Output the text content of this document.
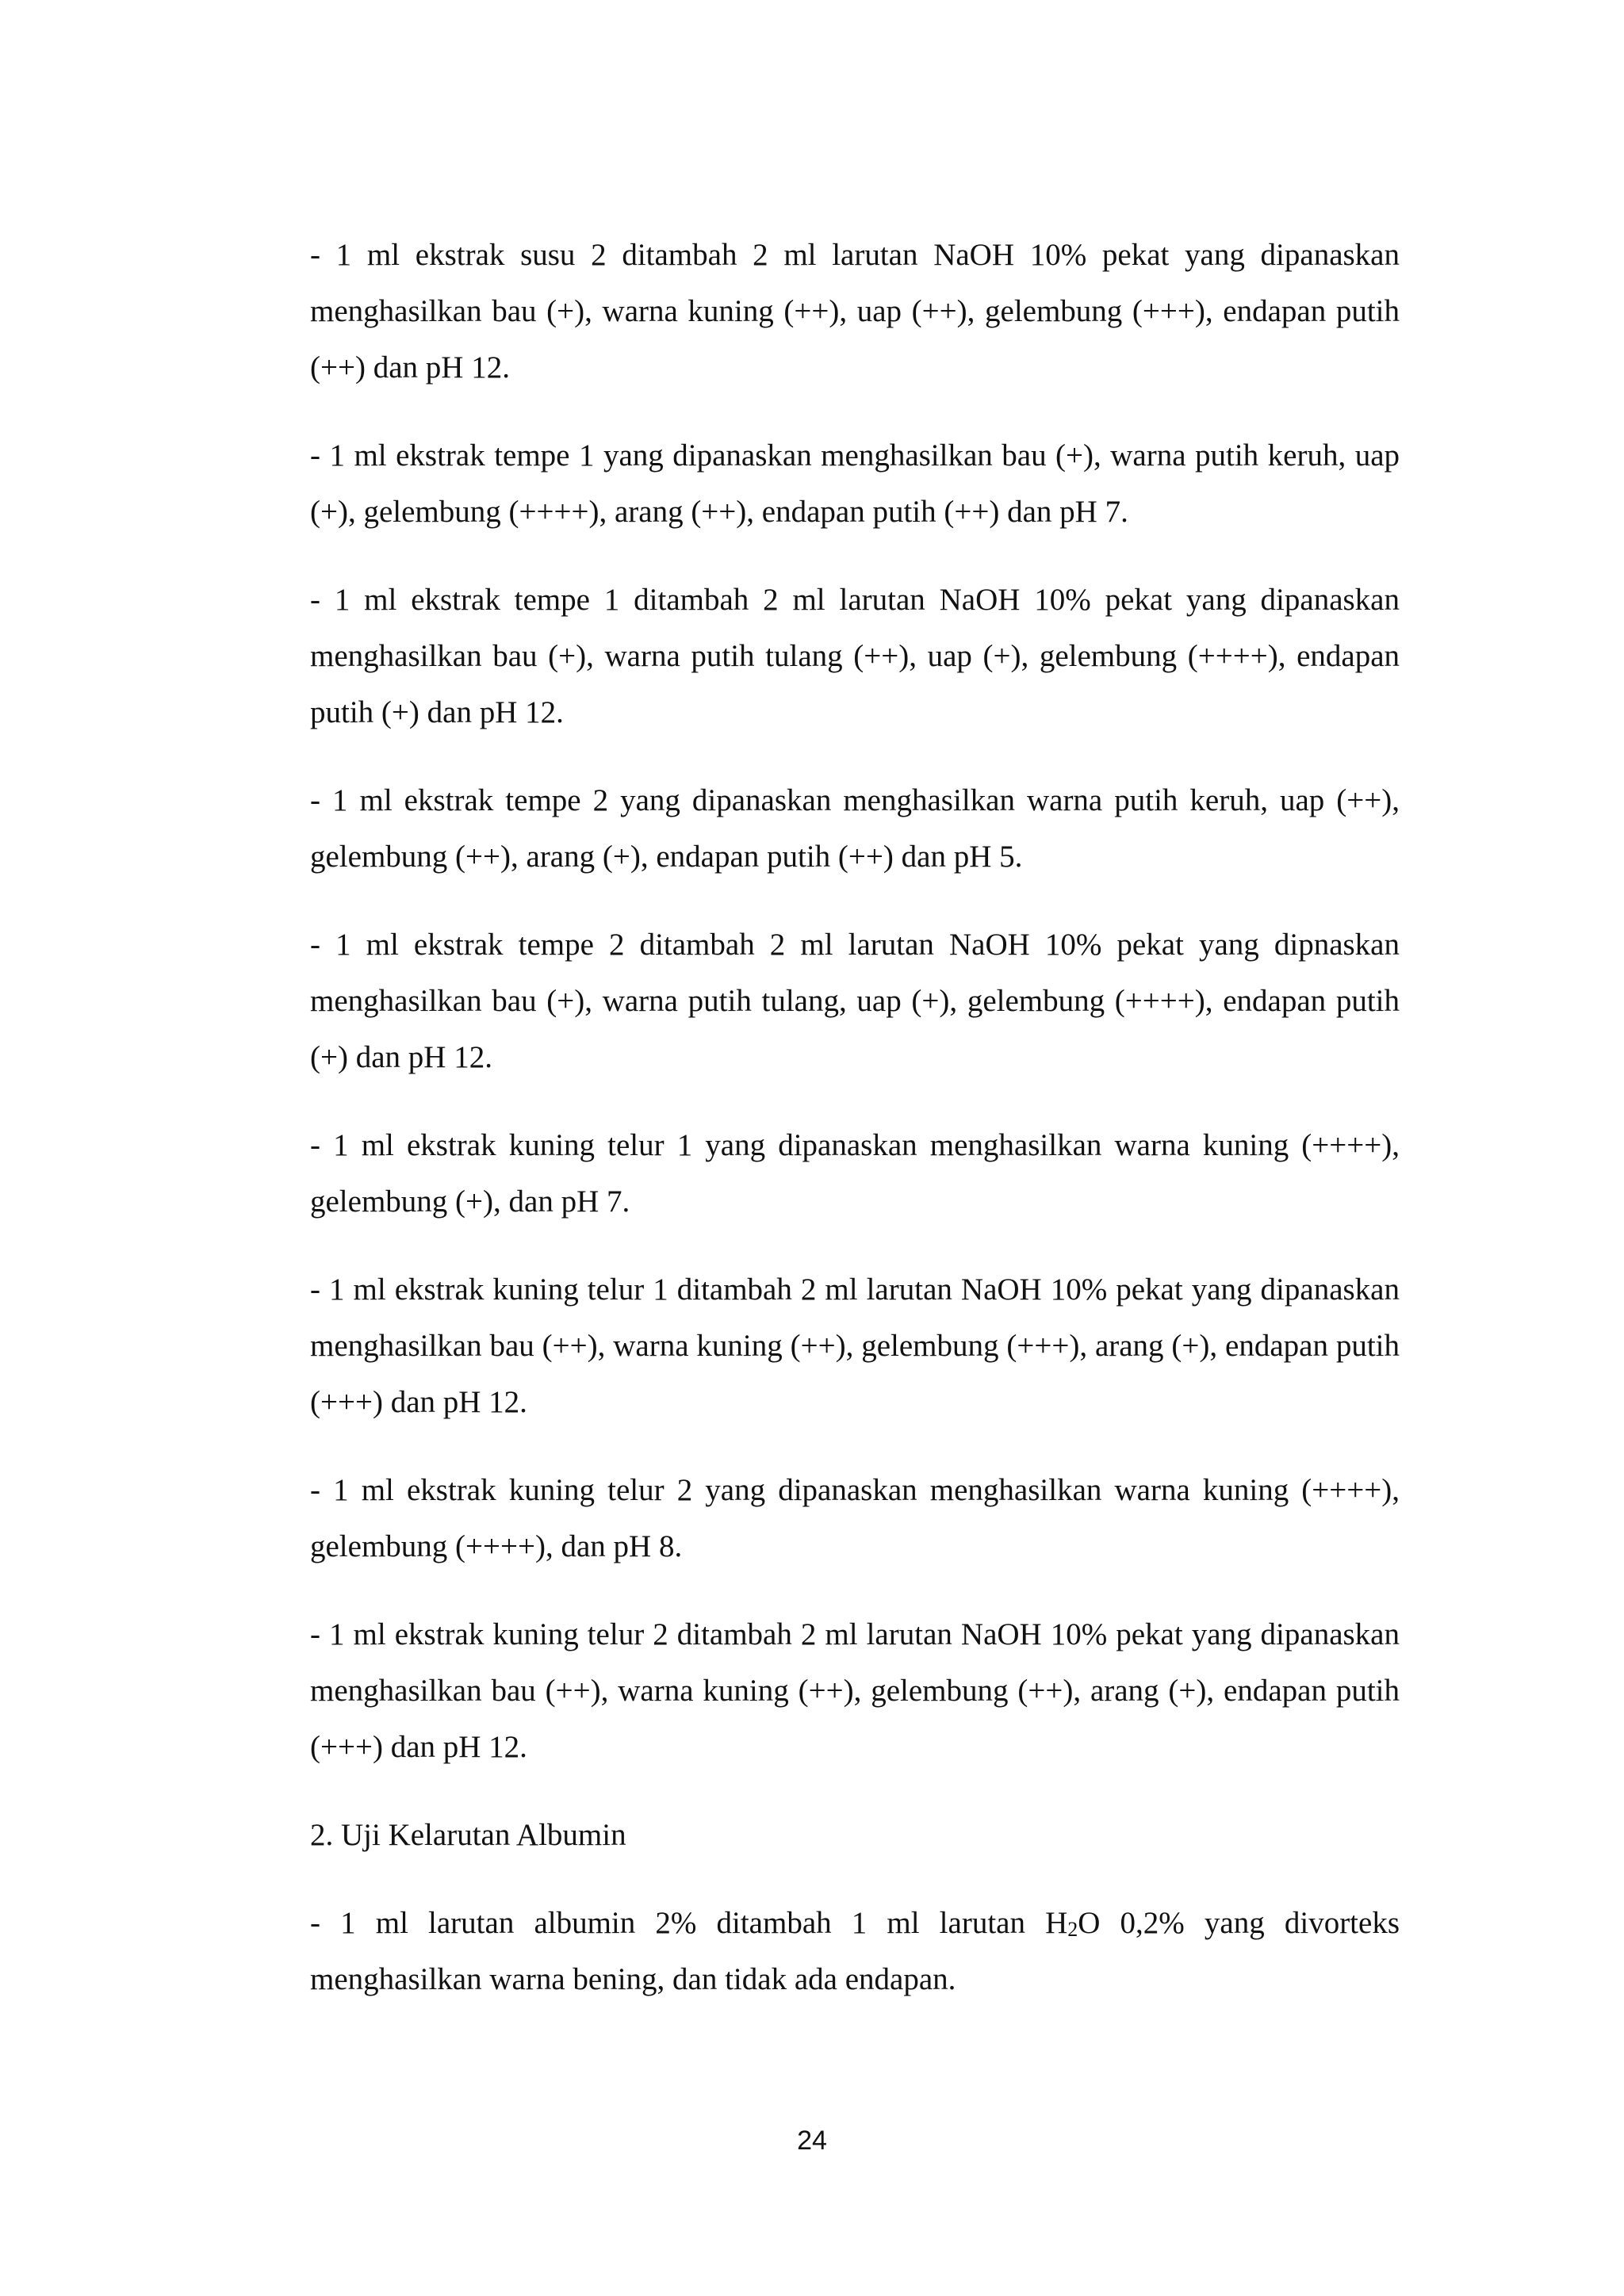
- 1 ml ekstrak susu 2 ditambah 2 ml larutan NaOH 10% pekat yang dipanaskan menghasilkan bau (+), warna kuning (++), uap (++), gelembung (+++), endapan putih (++) dan pH 12.

- 1 ml ekstrak tempe 1 yang dipanaskan menghasilkan bau (+), warna putih keruh, uap (+), gelembung (++++), arang (++), endapan putih (++) dan pH 7.

- 1 ml ekstrak tempe 1 ditambah 2 ml larutan NaOH 10% pekat yang dipanaskan menghasilkan bau (+), warna putih tulang (++), uap (+), gelembung (++++), endapan putih (+) dan pH 12.

- 1 ml ekstrak tempe 2 yang dipanaskan menghasilkan warna putih keruh, uap (++), gelembung (++), arang (+), endapan putih (++) dan pH 5.

- 1 ml ekstrak tempe 2 ditambah 2 ml larutan NaOH 10% pekat yang dipnaskan menghasilkan bau (+), warna putih tulang, uap (+), gelembung (++++), endapan putih (+) dan pH 12.

- 1 ml ekstrak kuning telur 1 yang dipanaskan menghasilkan warna kuning (++++), gelembung (+), dan pH 7.

- 1 ml ekstrak kuning telur 1 ditambah 2 ml larutan NaOH 10% pekat yang dipanaskan menghasilkan bau (++), warna kuning (++), gelembung (+++), arang (+), endapan putih (+++) dan pH 12.

- 1 ml ekstrak kuning telur 2 yang dipanaskan menghasilkan warna kuning (++++), gelembung (++++), dan pH 8.

- 1 ml ekstrak kuning telur 2 ditambah 2 ml larutan NaOH 10% pekat yang dipanaskan menghasilkan bau (++), warna kuning (++), gelembung (++), arang (+), endapan putih (+++) dan pH 12.

2. Uji Kelarutan Albumin

- 1 ml larutan albumin 2% ditambah 1 ml larutan H2O 0,2% yang divorteks menghasilkan warna bening, dan tidak ada endapan.

24
